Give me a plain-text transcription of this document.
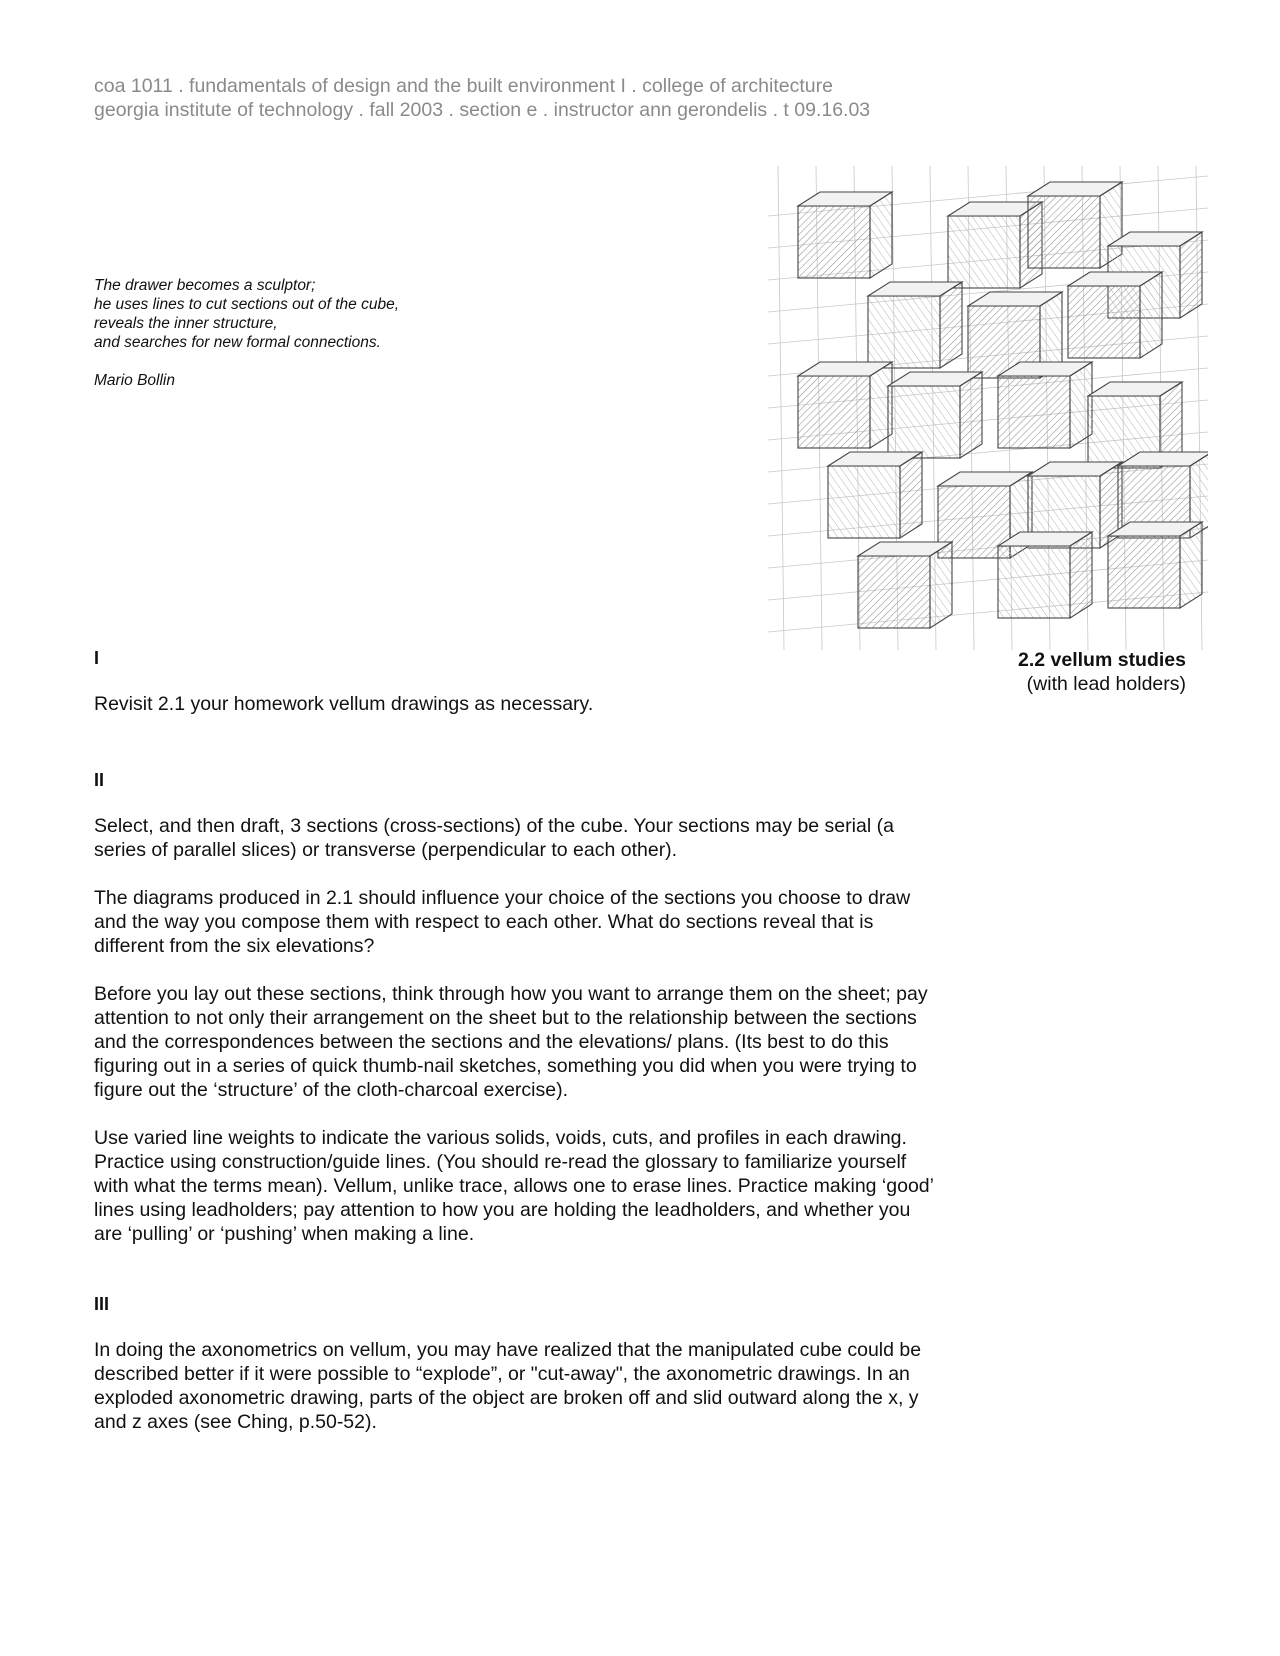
coa 1011 . fundamentals of design and the built environment I . college of architecture
georgia institute of technology . fall 2003 . section e . instructor ann gerondelis . t 09.16.03
The drawer becomes a sculptor;
he uses lines to cut sections out of the cube,
reveals the inner structure,
and searches for new formal connections.
Mario Bollin
2.2 vellum studies
(with lead holders)
I

Revisit 2.1 your homework vellum drawings as necessary.

II

Select, and then draft, 3 sections (cross-sections) of the cube. Your sections may be serial (a series of parallel slices) or transverse (perpendicular to each other).

The diagrams produced in 2.1 should influence your choice of the sections you choose to draw and the way you compose them with respect to each other. What do sections reveal that is different from the six elevations?

Before you lay out these sections, think through how you want to arrange them on the sheet; pay attention to not only their arrangement on the sheet but to the relationship between the sections and the correspondences between the sections and the elevations/ plans. (Its best to do this figuring out in a series of quick thumb-nail sketches, something you did when you were trying to figure out the ‘structure’ of the cloth-charcoal exercise).

Use varied line weights to indicate the various solids, voids, cuts, and profiles in each drawing. Practice using construction/guide lines. (You should re-read the glossary to familiarize yourself with what the terms mean). Vellum, unlike trace, allows one to erase lines. Practice making ‘good’ lines using leadholders; pay attention to how you are holding the leadholders, and whether you are ‘pulling’ or ‘pushing’ when making a line.

III

In doing the axonometrics on vellum, you may have realized that the manipulated cube could be described better if it were possible to “explode”, or "cut-away", the axonometric drawings. In an exploded axonometric drawing, parts of the object are broken off and slid outward along the x, y and z axes (see Ching, p.50-52).
